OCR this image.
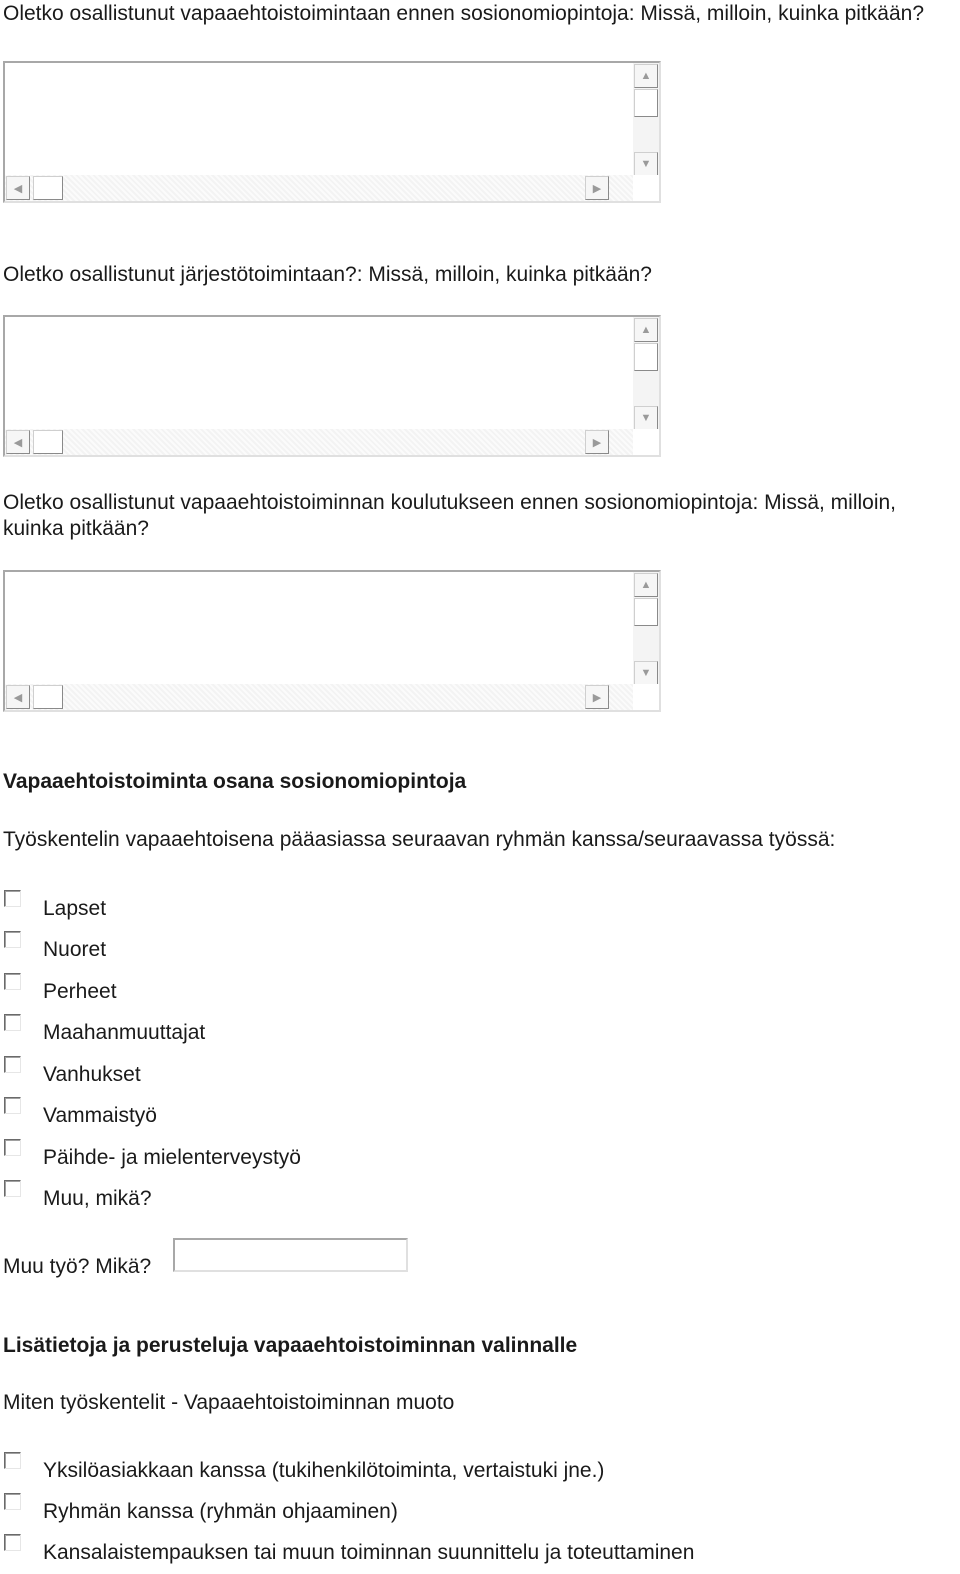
Oletko osallistunut vapaaehtoistoimintaan ennen sosionomiopintoja: Missä, milloin, kuinka pitkään?

▲
▼
◀	▶

Oletko osallistunut järjestötoimintaan?: Missä, milloin, kuinka pitkään?

▲
▼
◀	▶

Oletko osallistunut vapaaehtoistoiminnan koulutukseen ennen sosionomiopintoja: Missä, milloin, kuinka pitkään?

▲
▼
◀	▶
Vapaaehtoistoiminta osana sosionomiopintoja

Työskentelin vapaaehtoisena pääasiassa seuraavan ryhmän kanssa/seuraavassa työssä:

Lapset
Nuoret
Perheet
Maahanmuuttajat
Vanhukset
Vammaistyö
Päihde- ja mielenterveystyö
Muu, mikä?

Muu työ? Mikä?

Lisätietoja ja perusteluja vapaaehtoistoiminnan valinnalle

Miten työskentelit - Vapaaehtoistoiminnan muoto

Yksilöasiakkaan kanssa (tukihenkilötoiminta, vertaistuki jne.)
Ryhmän kanssa (ryhmän ohjaaminen)
Kansalaistempauksen tai muun toiminnan suunnittelu ja toteuttaminen
